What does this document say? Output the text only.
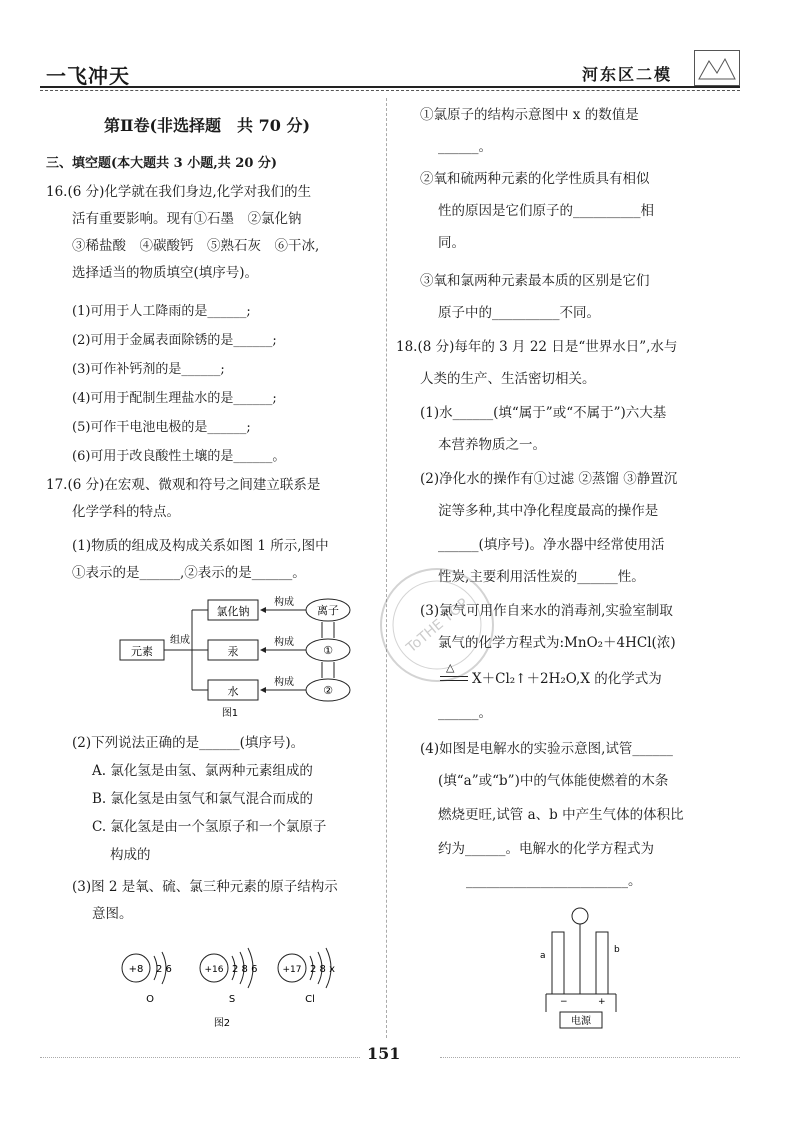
一飞冲天	河东区二模
第Ⅱ卷(非选择题　共 70 分)
三、填空题(本大题共 3 小题,共 20 分)
16.(6 分)化学就在我们身边,化学对我们的生
活有重要影响。现有①石墨　②氯化钠
③稀盐酸　④碳酸钙　⑤熟石灰　⑥干冰,
选择适当的物质填空(填序号)。
(1)可用于人工降雨的是______;
(2)可用于金属表面除锈的是______;
(3)可作补钙剂的是______;
(4)可用于配制生理盐水的是______;
(5)可作干电池电极的是______;
(6)可用于改良酸性土壤的是______。
17.(6 分)在宏观、微观和符号之间建立联系是
化学学科的特点。
(1)物质的组成及构成关系如图 1 所示,图中
①表示的是______,②表示的是______。
元素
组成
氯化钠
汞
水
构成
构成
构成
离子
①
②
图1
(2)下列说法正确的是______(填序号)。
A. 氯化氢是由氢、氯两种元素组成的
B. 氯化氢是由氢气和氯气混合而成的
C. 氯化氢是由一个氢原子和一个氯原子
构成的
(3)图 2 是氧、硫、氯三种元素的原子结构示
意图。
+8 2 6
O
+16 2 8 6
S
+17 2 8 x
Cl
图2
①氯原子的结构示意图中 x 的数值是
______。
②氧和硫两种元素的化学性质具有相似
性的原因是它们原子的__________相
同。
③氧和氯两种元素最本质的区别是它们
原子中的__________不同。
18.(8 分)每年的 3 月 22 日是“世界水日”,水与
人类的生产、生活密切相关。
(1)水______(填“属于”或“不属于”)六大基
本营养物质之一。
(2)净化水的操作有①过滤 ②蒸馏 ③静置沉
淀等多种,其中净化程度最高的操作是
______(填序号)。净水器中经常使用活
性炭,主要利用活性炭的______性。
(3)氯气可用作自来水的消毒剂,实验室制取
氯气的化学方程式为:MnO₂＋4HCl(浓)
△
X＋Cl₂↑＋2H₂O,X 的化学式为
______。
(4)如图是电解水的实验示意图,试管______
(填“a”或“b”)中的气体能使燃着的木条
燃烧更旺,试管 a、b 中产生气体的体积比
约为______。电解水的化学方程式为
________________________。
a
b
−	+
电源
ToTHE TOP
151
